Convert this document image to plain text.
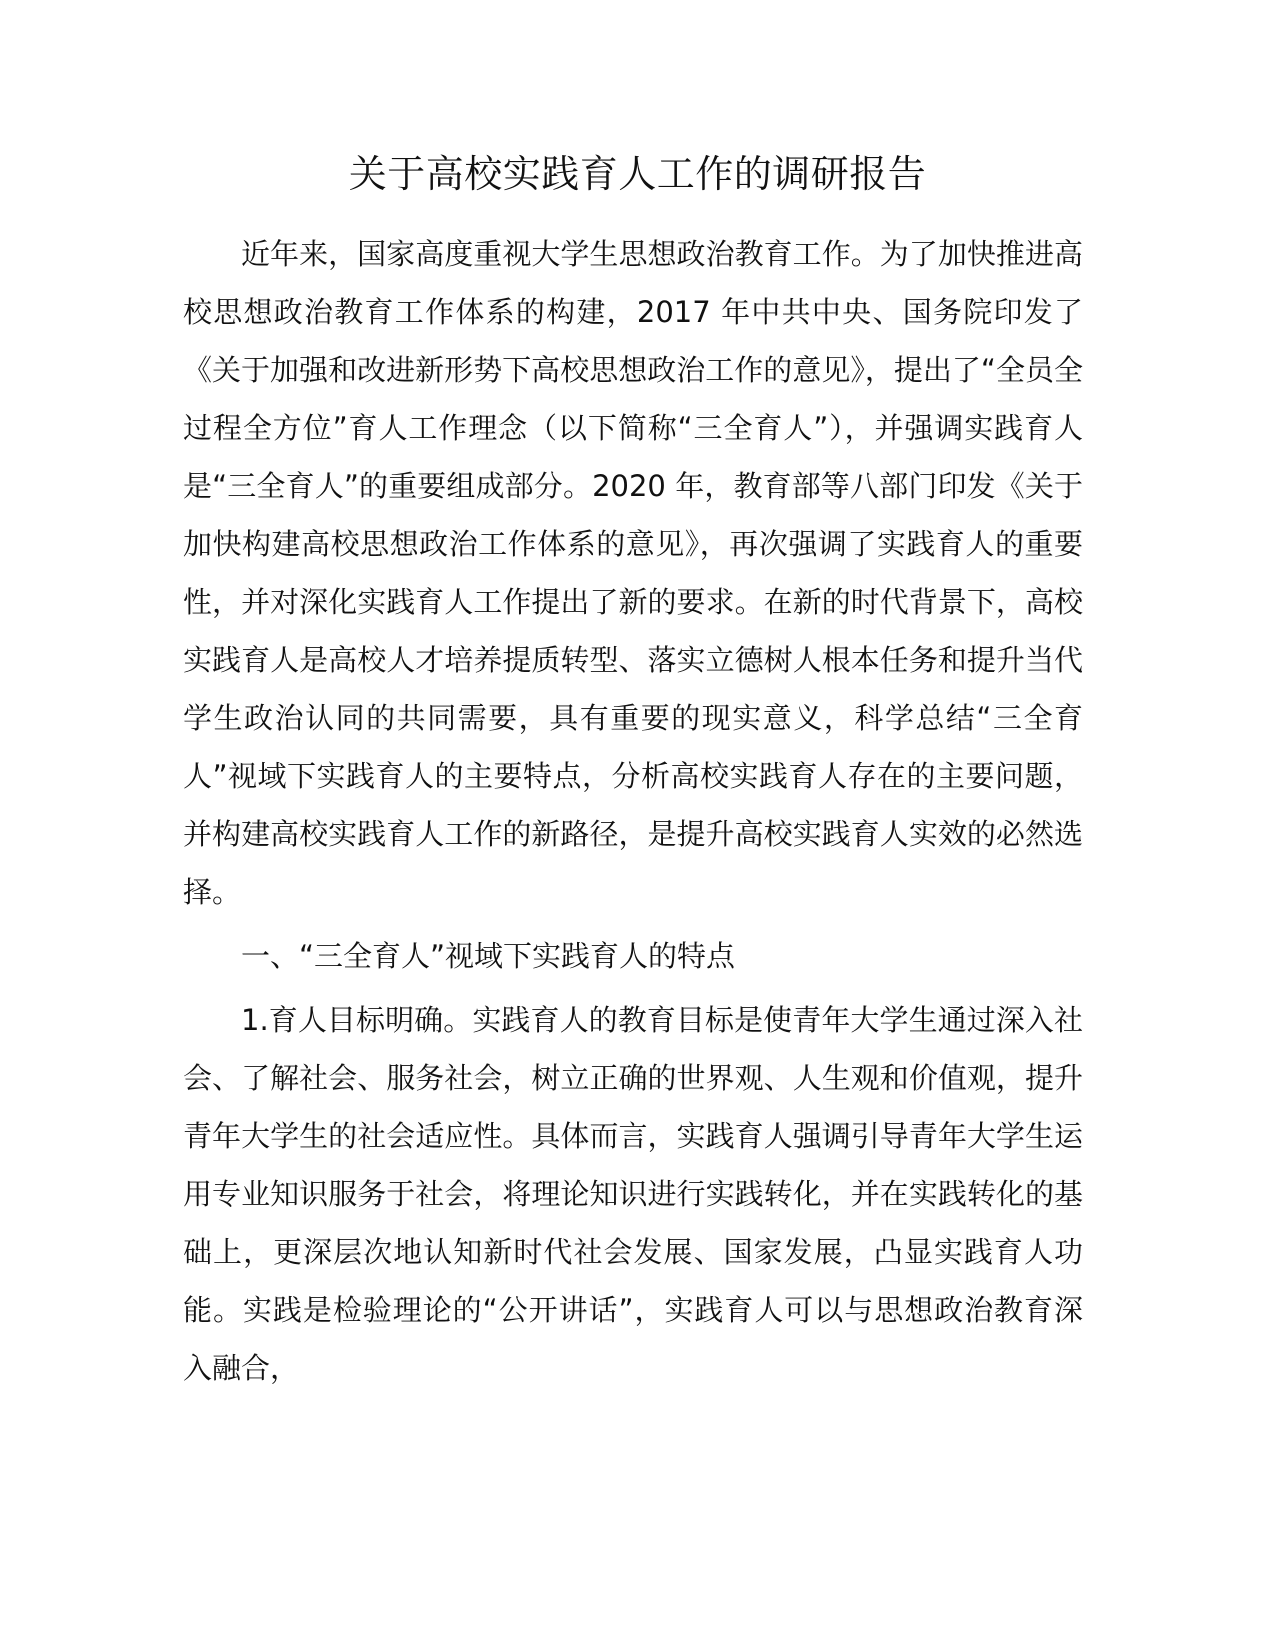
关于高校实践育人工作的调研报告

近年来，国家高度重视大学生思想政治教育工作。为了加快推进高校思想政治教育工作体系的构建，2017 年中共中央、国务院印发了《关于加强和改进新形势下高校思想政治工作的意见》，提出了“全员全过程全方位”育人工作理念（以下简称“三全育人”），并强调实践育人是“三全育人”的重要组成部分。2020 年，教育部等八部门印发《关于加快构建高校思想政治工作体系的意见》，再次强调了实践育人的重要性，并对深化实践育人工作提出了新的要求。在新的时代背景下，高校实践育人是高校人才培养提质转型、落实立德树人根本任务和提升当代学生政治认同的共同需要，具有重要的现实意义，科学总结“三全育人”视域下实践育人的主要特点，分析高校实践育人存在的主要问题，并构建高校实践育人工作的新路径，是提升高校实践育人实效的必然选择。

一、“三全育人”视域下实践育人的特点

1.育人目标明确。实践育人的教育目标是使青年大学生通过深入社会、了解社会、服务社会，树立正确的世界观、人生观和价值观，提升青年大学生的社会适应性。具体而言，实践育人强调引导青年大学生运用专业知识服务于社会，将理论知识进行实践转化，并在实践转化的基础上，更深层次地认知新时代社会发展、国家发展，凸显实践育人功能。实践是检验理论的“公开讲话”，实践育人可以与思想政治教育深入融合，
